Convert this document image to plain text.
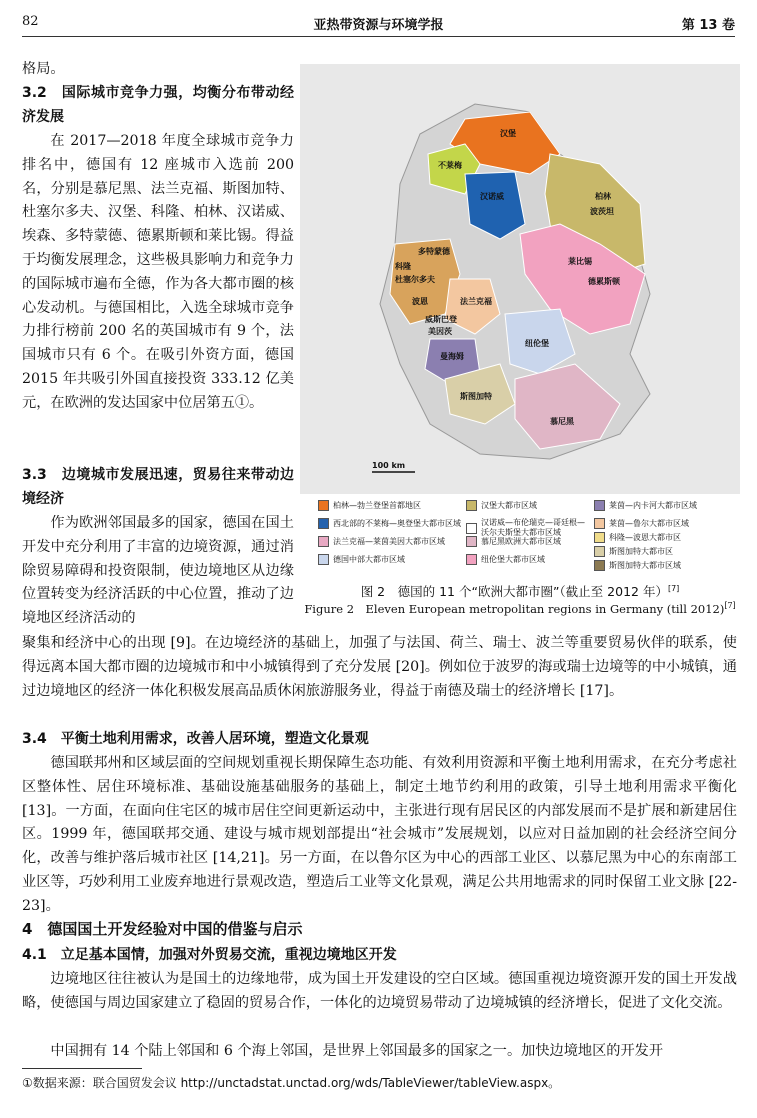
82	亚热带资源与环境学报	第 13 卷

格局。

3.2　国际城市竞争力强，均衡分布带动经济发展

在 2017—2018 年度全球城市竞争力排名中，德国有 12 座城市入选前 200 名，分别是慕尼黑、法兰克福、斯图加特、杜塞尔多夫、汉堡、科隆、柏林、汉诺威、埃森、多特蒙德、德累斯顿和莱比锡。得益于均衡发展理念，这些极具影响力和竞争力的国际城市遍布全德，作为各大都市圈的核心发动机。与德国相比，入选全球城市竞争力排行榜前 200 名的英国城市有 9 个，法国城市只有 6 个。在吸引外资方面，德国 2015 年共吸引外国直接投资 333.12 亿美元，在欧洲的发达国家中位居第五①。

3.3　边境城市发展迅速，贸易往来带动边境经济

作为欧洲邻国最多的国家，德国在国土开发中充分利用了丰富的边境资源，通过消除贸易障碍和投资限制，使边境地区从边缘位置转变为经济活跃的中心位置，推动了边境地区经济活动的

聚集和经济中心的出现 [9]。在边境经济的基础上，加强了与法国、荷兰、瑞士、波兰等重要贸易伙伴的联系，使得远离本国大都市圈的边境城市和中小城镇得到了充分发展 [20]。例如位于波罗的海或瑞士边境等的中小城镇，通过边境地区的经济一体化积极发展高品质休闲旅游服务业，得益于南德及瑞士的经济增长 [17]。

3.4　平衡土地利用需求，改善人居环境，塑造文化景观

德国联邦州和区域层面的空间规划重视长期保障生态功能、有效利用资源和平衡土地利用需求，在充分考虑社区整体性、居住环境标准、基础设施基础服务的基础上，制定土地节约利用的政策，引导土地利用需求平衡化 [13]。一方面，在面向住宅区的城市居住空间更新运动中，主张进行现有居民区的内部发展而不是扩展和新建居住区。1999 年，德国联邦交通、建设与城市规划部提出“社会城市”发展规划，以应对日益加剧的社会经济空间分化，改善与维护落后城市社区 [14,21]。另一方面，在以鲁尔区为中心的西部工业区、以慕尼黑为中心的东南部工业区等，巧妙利用工业废弃地进行景观改造，塑造后工业等文化景观，满足公共用地需求的同时保留工业文脉 [22-23]。

4　德国国土开发经验对中国的借鉴与启示

4.1　立足基本国情，加强对外贸易交流，重视边境地区开发

边境地区往往被认为是国土的边缘地带，成为国土开发建设的空白区域。德国重视边境资源开发的国土开发战略，使德国与周边国家建立了稳固的贸易合作，一体化的边境贸易带动了边境城镇的经济增长，促进了文化交流。

中国拥有 14 个陆上邻国和 6 个海上邻国，是世界上邻国最多的国家之一。加快边境地区的开发开

100 km
汉堡
不莱梅
汉诺威	柏林
波茨坦
莱比锡
德累斯顿
科隆
多特蒙德
杜塞尔多夫
波恩	法兰克福
威斯巴登
美因茨
纽伦堡
曼海姆
斯图加特
慕尼黑
柏林—勃兰登堡首都地区	汉堡大都市区域	莱茵—内卡河大都市区域
西北部的不莱梅—奥登堡大都市区域	汉诺威—布伦瑞克—哥廷根—沃尔夫斯堡大都市区域
莱茵—鲁尔大都市区域
法兰克福—莱茵美因大都市区域	慕尼黑欧洲大都市区域	科隆—波恩大都市区
德国中部大都市区域	纽伦堡大都市区域
斯图加特大都市区
斯图加特大都市区域
图 2　德国的 11 个“欧洲大都市圈”（截止至 2012 年）[7]
Figure 2　Eleven European metropolitan regions in Germany (till 2012)[7]
①数据来源：联合国贸发会议 http://unctadstat.unctad.org/wds/TableViewer/tableView.aspx。
